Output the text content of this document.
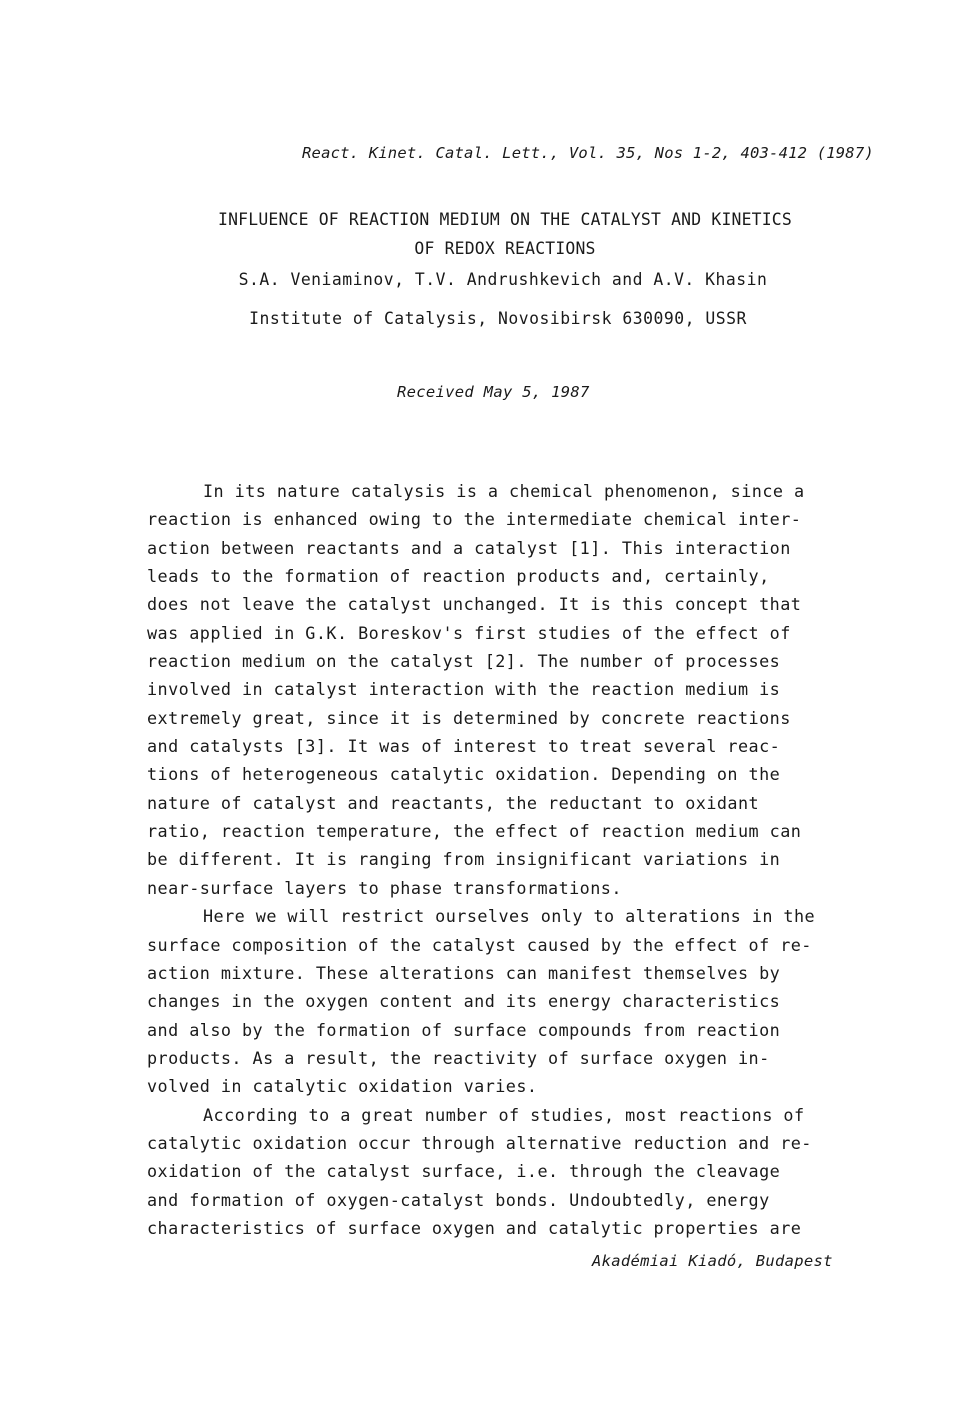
React. Kinet. Catal. Lett., Vol. 35, Nos 1-2, 403-412 (1987)
INFLUENCE OF REACTION MEDIUM ON THE CATALYST AND KINETICS
OF REDOX REACTIONS
S.A. Veniaminov, T.V. Andrushkevich and A.V. Khasin
Institute of Catalysis, Novosibirsk 630090, USSR
Received May 5, 1987
In its nature catalysis is a chemical phenomenon, since a
reaction is enhanced owing to the intermediate chemical inter-
action between reactants and a catalyst [1]. This interaction
leads to the formation of reaction products and, certainly,
does not leave the catalyst unchanged. It is this concept that
was applied in G.K. Boreskov's first studies of the effect of
reaction medium on the catalyst [2]. The number of processes
involved in catalyst interaction with the reaction medium is
extremely great, since it is determined by concrete reactions
and catalysts [3]. It was of interest to treat several reac-
tions of heterogeneous catalytic oxidation. Depending on the
nature of catalyst and reactants, the reductant to oxidant
ratio, reaction temperature, the effect of reaction medium can
be different. It is ranging from insignificant variations in
near-surface layers to phase transformations.
Here we will restrict ourselves only to alterations in the
surface composition of the catalyst caused by the effect of re-
action mixture. These alterations can manifest themselves by
changes in the oxygen content and its energy characteristics
and also by the formation of surface compounds from reaction
products. As a result, the reactivity of surface oxygen in-
volved in catalytic oxidation varies.
According to a great number of studies, most reactions of
catalytic oxidation occur through alternative reduction and re-
oxidation of the catalyst surface, i.e. through the cleavage
and formation of oxygen-catalyst bonds. Undoubtedly, energy
characteristics of surface oxygen and catalytic properties are
Akadémiai Kiadó, Budapest
